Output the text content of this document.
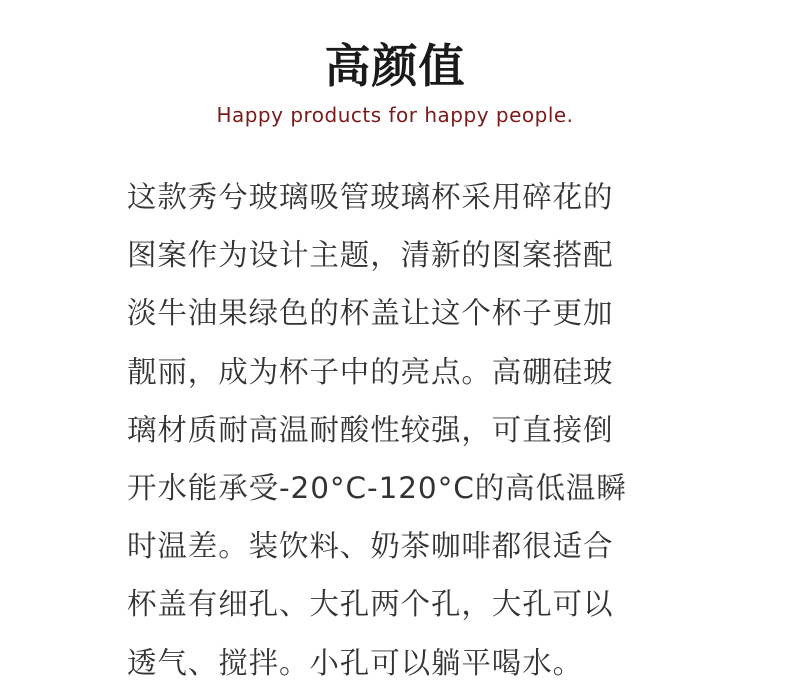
高颜值
Happy products for happy people.
这款秀兮玻璃吸管玻璃杯采用碎花的
图案作为设计主题，清新的图案搭配
淡牛油果绿色的杯盖让这个杯子更加
靓丽，成为杯子中的亮点。高硼硅玻
璃材质耐高温耐酸性较强，可直接倒
开水能承受-20°C-120°C的高低温瞬
时温差。装饮料、奶茶咖啡都很适合
杯盖有细孔、大孔两个孔，大孔可以
透气、搅拌。小孔可以躺平喝水。
